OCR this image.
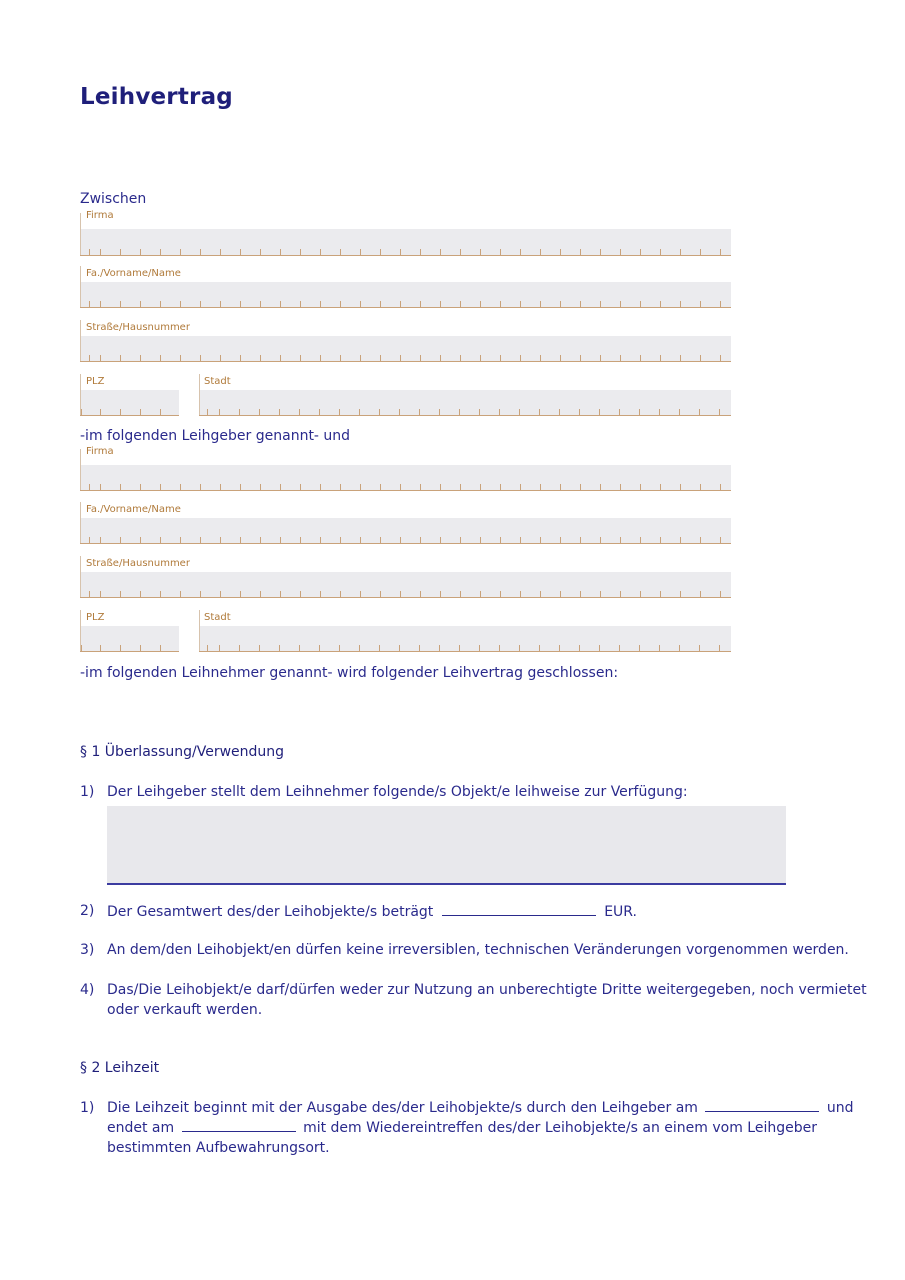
Leihvertrag
Zwischen
Firma
Fa./Vorname/Name
Straße/Hausnummer
PLZ	Stadt
-im folgenden Leihgeber genannt- und
Firma
Fa./Vorname/Name
Straße/Hausnummer
PLZ	Stadt
-im folgenden Leihnehmer genannt- wird folgender Leihvertrag geschlossen:
§ 1 Überlassung/Verwendung
1) Der Leihgeber stellt dem Leihnehmer folgende/s Objekt/e leihweise zur Verfügung:
2) Der Gesamtwert des/der Leihobjekte/s beträgt	EUR.
3) An dem/den Leihobjekt/en dürfen keine irreversiblen, technischen Veränderungen vorgenommen werden.
4) Das/Die Leihobjekt/e darf/dürfen weder zur Nutzung an unberechtigte Dritte weitergegeben, noch vermietet
oder verkauft werden.
§ 2 Leihzeit
1) Die Leihzeit beginnt mit der Ausgabe des/der Leihobjekte/s durch den Leihgeber am	und
endet am	mit dem Wiedereintreffen des/der Leihobjekte/s an einem vom Leihgeber
bestimmten Aufbewahrungsort.
